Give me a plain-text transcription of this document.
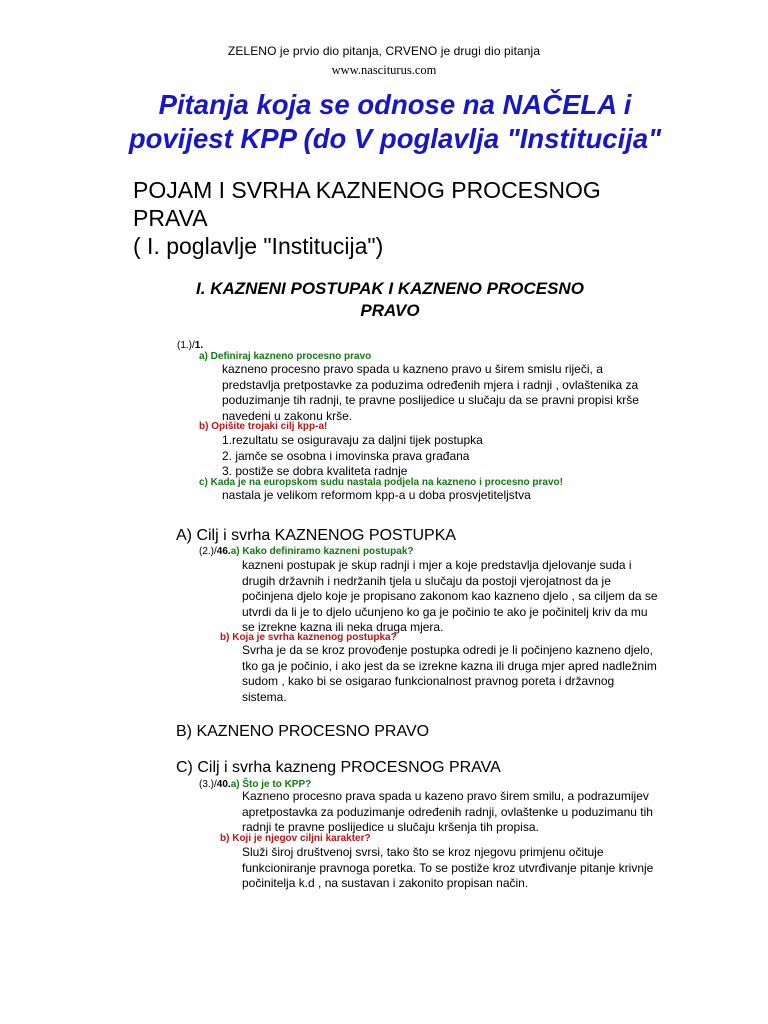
ZELENO je prvio dio pitanja, CRVENO je drugi dio pitanja
www.nasciturus.com
Pitanja koja se odnose na NAČELA i
povijest KPP (do V poglavlja "Institucija"
POJAM I SVRHA KAZNENOG PROCESNOG
PRAVA
( I. poglavlje "Institucija")
I. KAZNENI POSTUPAK I KAZNENO PROCESNO
PRAVO
(1.)/1.
a) Definiraj kazneno procesno pravo
kazneno procesno pravo spada u kazneno pravo u širem smislu riječi, a
predstavlja pretpostavke za poduzima određenih mjera i radnji , ovlaštenika za
poduzimanje tih radnji, te pravne poslijedice u slučaju da se pravni propisi krše
navedeni u zakonu krše.
b) Opišite trojaki cilj kpp-a!
1.rezultatu se osiguravaju za daljni tijek postupka
2. jamče se osobna i imovinska prava građana
3. postiže se dobra kvaliteta radnje
c) Kada je na europskom sudu nastala podjela na kazneno i procesno pravo!
nastala je velikom reformom kpp-a u doba prosvjetiteljstva
A) Cilj i svrha KAZNENOG POSTUPKA
(2.)/46.a) Kako definiramo kazneni postupak?
kazneni postupak je skup radnji i mjer a koje predstavlja djelovanje suda i
drugih državnih i nedržanih tjela u slučaju da postoji vjerojatnost da je
počinjena djelo koje je propisano zakonom kao kazneno djelo , sa ciljem da se
utvrdi da li je to djelo učunjeno ko ga je počinio te ako je počinitelj kriv da mu
se izrekne kazna ili neka druga mjera.
b) Koja je svrha kaznenog postupka?
Svrha je da se kroz provođenje postupka odredi je li počinjeno kazneno djelo,
tko ga je počinio, i ako jest da se izrekne kazna ili druga mjer apred nadležnim
sudom , kako bi se osigarao funkcionalnost pravnog poreta i državnog
sistema.
B) KAZNENO PROCESNO PRAVO
C) Cilj i svrha kazneng PROCESNOG PRAVA
(3.)/40.a) Što je to KPP?
Kazneno procesno prava spada u kazeno pravo širem smilu, a podrazumijev
apretpostavka za poduzimanje određenih radnji, ovlaštenke u poduzimanu tih
radnji te pravne poslijedice u slučaju kršenja tih propisa.
b) Koji je njegov ciljni karakter?
Služi široj društvenoj svrsi, tako što se kroz njegovu primjenu očituje
funkcioniranje pravnoga poretka. To se postiže kroz utvrđivanje pitanje krivnje
počinitelja k.d , na sustavan i zakonito propisan način.
